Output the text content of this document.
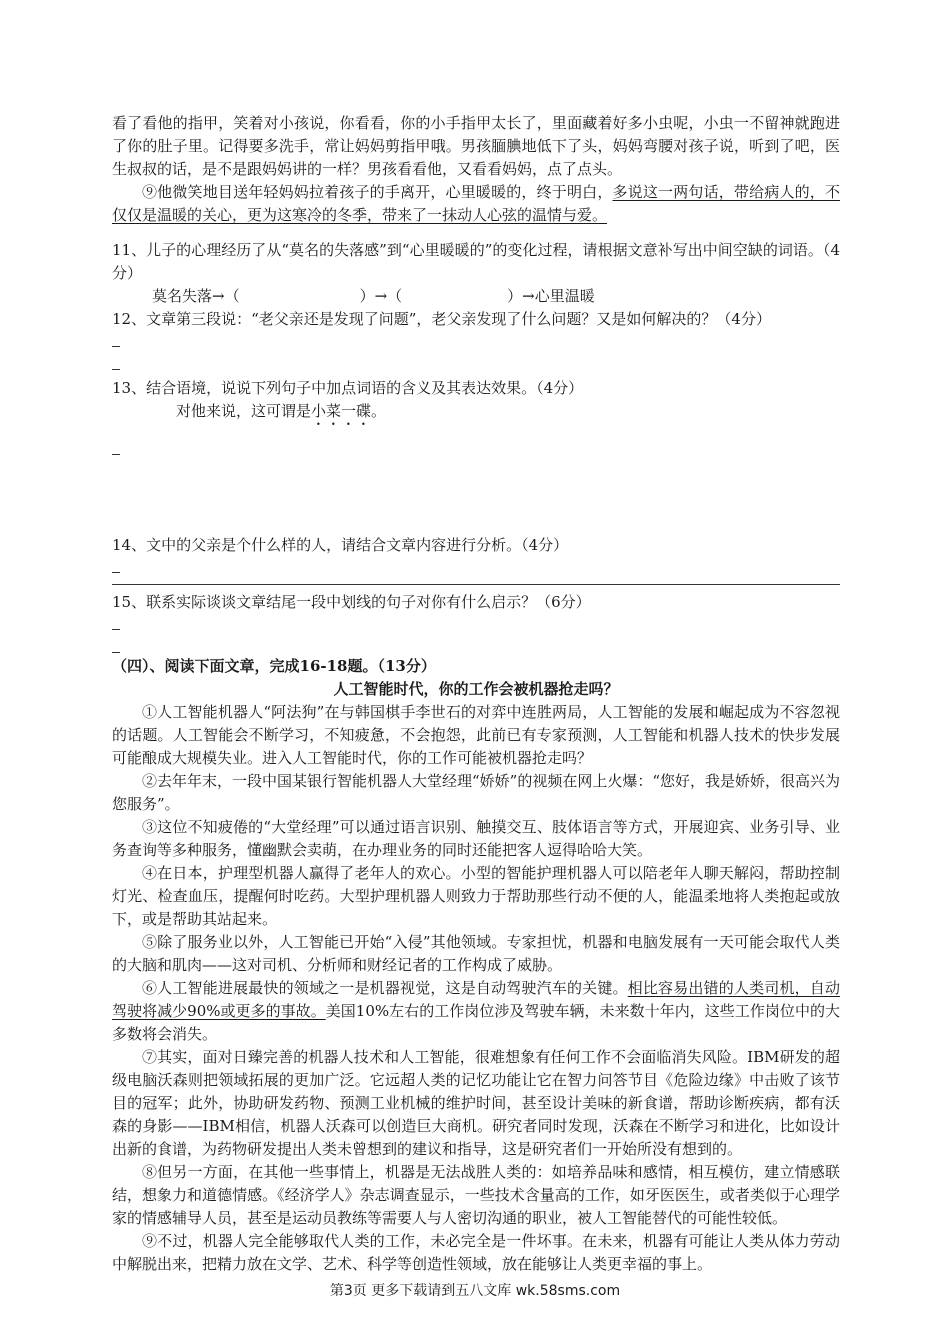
看了看他的指甲，笑着对小孩说，你看看，你的小手指甲太长了，里面藏着好多小虫呢，小虫一不留神就跑进了你的肚子里。记得要多洗手，常让妈妈剪指甲哦。男孩腼腆地低下了头，妈妈弯腰对孩子说，听到了吧，医生叔叔的话，是不是跟妈妈讲的一样？男孩看看他，又看看妈妈，点了点头。

⑨他微笑地目送年轻妈妈拉着孩子的手离开，心里暖暖的，终于明白，多说这一两句话，带给病人的，不仅仅是温暖的关心，更为这寒冷的冬季，带来了一抹动人心弦的温情与爱。

11、儿子的心理经历了从“莫名的失落感”到“心里暖暖的”的变化过程，请根据文意补写出中间空缺的词语。（4分）

莫名失落→（　　　　　　　　）→（　　　　　　　）→心里温暖

12、文章第三段说：“老父亲还是发现了问题”，老父亲发现了什么问题？又是如何解决的？（4分）

13、结合语境，说说下列句子中加点词语的含义及其表达效果。（4分）

对他来说，这可谓是小菜一碟。

14、文中的父亲是个什么样的人，请结合文章内容进行分析。（4分）

15、联系实际谈谈文章结尾一段中划线的句子对你有什么启示？（6分）

（四）、阅读下面文章，完成16-18题。（13分）

人工智能时代，你的工作会被机器抢走吗？

①人工智能机器人“阿法狗”在与韩国棋手李世石的对弈中连胜两局，人工智能的发展和崛起成为不容忽视的话题。人工智能会不断学习，不知疲惫，不会抱怨，此前已有专家预测，人工智能和机器人技术的快步发展可能酿成大规模失业。进入人工智能时代，你的工作可能被机器抢走吗？

②去年年末，一段中国某银行智能机器人大堂经理“娇娇”的视频在网上火爆：“您好，我是娇娇，很高兴为您服务”。

③这位不知疲倦的“大堂经理”可以通过语言识别、触摸交互、肢体语言等方式，开展迎宾、业务引导、业务查询等多种服务，懂幽默会卖萌，在办理业务的同时还能把客人逗得哈哈大笑。

④在日本，护理型机器人赢得了老年人的欢心。小型的智能护理机器人可以陪老年人聊天解闷，帮助控制灯光、检查血压，提醒何时吃药。大型护理机器人则致力于帮助那些行动不便的人，能温柔地将人类抱起或放下，或是帮助其站起来。

⑤除了服务业以外，人工智能已开始“入侵”其他领域。专家担忧，机器和电脑发展有一天可能会取代人类的大脑和肌肉——这对司机、分析师和财经记者的工作构成了威胁。

⑥人工智能进展最快的领域之一是机器视觉，这是自动驾驶汽车的关键。相比容易出错的人类司机，自动驾驶将减少90%或更多的事故。美国10%左右的工作岗位涉及驾驶车辆，未来数十年内，这些工作岗位中的大多数将会消失。

⑦其实，面对日臻完善的机器人技术和人工智能，很难想象有任何工作不会面临消失风险。IBM研发的超级电脑沃森则把领域拓展的更加广泛。它远超人类的记忆功能让它在智力问答节目《危险边缘》中击败了该节目的冠军；此外，协助研发药物、预测工业机械的维护时间，甚至设计美味的新食谱，帮助诊断疾病，都有沃森的身影——IBM相信，机器人沃森可以创造巨大商机。研究者同时发现，沃森在不断学习和进化，比如设计出新的食谱，为药物研发提出人类未曾想到的建议和指导，这是研究者们一开始所没有想到的。

⑧但另一方面，在其他一些事情上，机器是无法战胜人类的：如培养品味和感情，相互模仿，建立情感联结，想象力和道德情感。《经济学人》杂志调查显示，一些技术含量高的工作，如牙医医生，或者类似于心理学家的情感辅导人员，甚至是运动员教练等需要人与人密切沟通的职业，被人工智能替代的可能性较低。

⑨不过，机器人完全能够取代人类的工作，未必完全是一件坏事。在未来，机器有可能让人类从体力劳动中解脱出来，把精力放在文学、艺术、科学等创造性领域，放在能够让人类更幸福的事上。

第3页 更多下载请到五八文库 wk.58sms.com
